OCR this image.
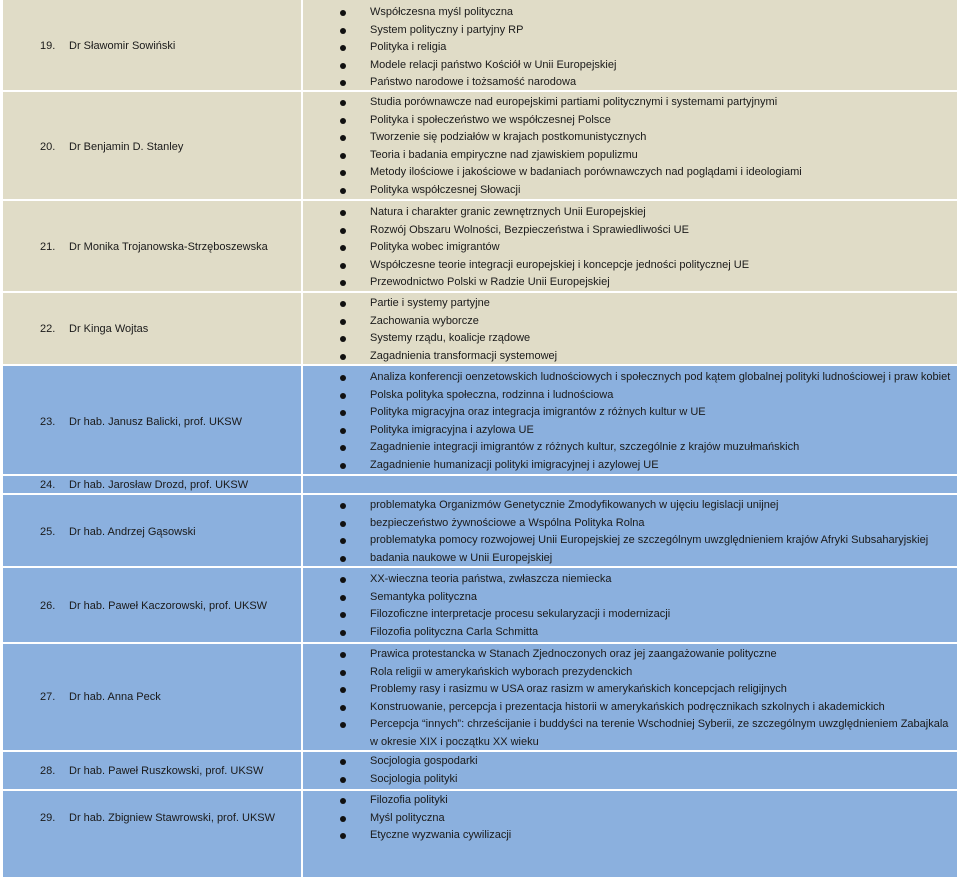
19. Dr Sławomir Sowiński
Współczesna myśl polityczna
System polityczny i partyjny RP
Polityka i religia
Modele relacji państwo Kościół w Unii Europejskiej
Państwo narodowe i tożsamość narodowa
20. Dr Benjamin D. Stanley
Studia porównawcze nad europejskimi partiami politycznymi i systemami partyjnymi
Polityka i społeczeństwo we współczesnej Polsce
Tworzenie się podziałów w krajach postkomunistycznych
Teoria i badania empiryczne nad zjawiskiem populizmu
Metody ilościowe i jakościowe w badaniach porównawczych nad poglądami i ideologiami
Polityka współczesnej Słowacji
21. Dr Monika Trojanowska-Strzęboszewska
Natura i charakter granic zewnętrznych Unii Europejskiej
Rozwój Obszaru Wolności, Bezpieczeństwa i Sprawiedliwości UE
Polityka wobec imigrantów
Współczesne teorie integracji europejskiej i koncepcje jedności politycznej UE
Przewodnictwo Polski w Radzie Unii Europejskiej
22. Dr Kinga Wojtas
Partie i systemy partyjne
Zachowania wyborcze
Systemy rządu, koalicje rządowe
Zagadnienia transformacji systemowej
23. Dr hab. Janusz Balicki, prof. UKSW
Analiza konferencji oenzetowskich ludnościowych i społecznych pod kątem globalnej polityki ludnościowej i praw kobiet
Polska polityka społeczna, rodzinna i ludnościowa
Polityka migracyjna oraz integracja imigrantów z różnych kultur w UE
Polityka imigracyjna i azylowa UE
Zagadnienie integracji imigrantów z różnych kultur, szczególnie z krajów muzułmańskich
Zagadnienie humanizacji polityki imigracyjnej i azylowej UE
24. Dr hab. Jarosław Drozd, prof. UKSW
25. Dr hab. Andrzej Gąsowski
problematyka Organizmów Genetycznie Zmodyfikowanych w ujęciu legislacji unijnej
bezpieczeństwo żywnościowe a Wspólna Polityka Rolna
problematyka pomocy rozwojowej Unii Europejskiej ze szczególnym uwzględnieniem krajów Afryki Subsaharyjskiej
badania naukowe w Unii Europejskiej
26. Dr hab. Paweł Kaczorowski, prof. UKSW
XX-wieczna teoria państwa, zwłaszcza niemiecka
Semantyka polityczna
Filozoficzne interpretacje procesu sekularyzacji i modernizacji
Filozofia polityczna Carla Schmitta
27. Dr hab. Anna Peck
Prawica protestancka w Stanach Zjednoczonych oraz jej zaangażowanie polityczne
Rola religii w amerykańskich wyborach prezydenckich
Problemy rasy i rasizmu w USA oraz rasizm w amerykańskich koncepcjach religijnych
Konstruowanie, percepcja i prezentacja historii w amerykańskich podręcznikach szkolnych i akademickich
Percepcja “innych”: chrześcijanie i buddyści na terenie Wschodniej Syberii, ze szczególnym uwzględnieniem Zabajkala w okresie XIX i początku XX wieku
28. Dr hab. Paweł Ruszkowski, prof. UKSW
Socjologia gospodarki
Socjologia polityki
29. Dr hab. Zbigniew Stawrowski, prof. UKSW
Filozofia polityki
Myśl polityczna
Etyczne wyzwania cywilizacji
